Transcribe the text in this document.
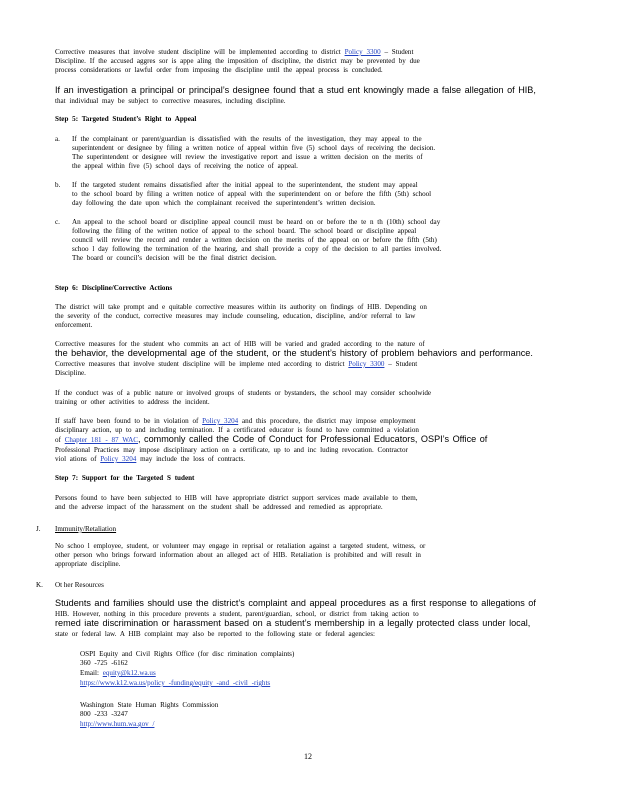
Corrective measures that involve student discipline will be implemented according to district Policy 3300 – Student
Discipline. If the accused aggres sor is appe aling the imposition of discipline, the district may be prevented by due
process considerations or lawful order from imposing the discipline until the appeal process is concluded.
If an investigation a principal or principal’s designee found that a stud ent knowingly made a false allegation of HIB,
that individual may be subject to corrective measures, including discipline.
Step 5: Targeted Student’s Right to Appeal
a. If the complainant or parent/guardian is dissatisfied with the results of the investigation, they may appeal to the
superintendent or designee by filing a written notice of appeal within five (5) school days of receiving the decision.
The superintendent or designee will review the investigative report and issue a written decision on the merits of
the appeal within five (5) school days of receiving the notice of appeal.
b. If the targeted student remains dissatisfied after the initial appeal to the superintendent, the student may appeal
to the school board by filing a written notice of appeal with the superintendent on or before the fifth (5th) school
day following the date upon which the complainant received the superintendent’s written decision.
c. An appeal to the school board or discipline appeal council must be heard on or before the te n th (10th) school day
following the filing of the written notice of appeal to the school board. The school board or discipline appeal
council will review the record and render a written decision on the merits of the appeal on or before the fifth (5th)
schoo l day following the termination of the hearing, and shall provide a copy of the decision to all parties involved.
The board or council’s decision will be the final district decision.
Step 6: Discipline/Corrective Actions
The district will take prompt and e quitable corrective measures within its authority on findings of HIB. Depending on
the severity of the conduct, corrective measures may include counseling, education, discipline, and/or referral to law
enforcement.
Corrective measures for the student who commits an act of HIB will be varied and graded according to the nature of
the behavior, the developmental age of the student, or the student’s history of problem behaviors and performance.
Corrective measures that involve student discipline will be impleme nted according to district Policy 3300 – Student
Discipline.
If the conduct was of a public nature or involved groups of students or bystanders, the school may consider schoolwide
training or other activities to address the incident.
If staff have been found to be in violation of Policy 3204 and this procedure, the district may impose employment
disciplinary action, up to and including termination. If a certificated educator is found to have committed a violation
of Chapter 181 - 87 WAC, commonly called the Code of Conduct for Professional Educators, OSPI’s Office of
Professional Practices may impose disciplinary action on a certificate, up to and inc luding revocation. Contractor
viol ations of Policy 3204 may include the loss of contracts.
Step 7: Support for the Targeted S tudent
Persons found to have been subjected to HIB will have appropriate district support services made available to them,
and the adverse impact of the harassment on the student shall be addressed and remedied as appropriate.
J. Immunity/Retaliation
No schoo l employee, student, or volunteer may engage in reprisal or retaliation against a targeted student, witness, or
other person who brings forward information about an alleged act of HIB. Retaliation is prohibited and will result in
appropriate discipline.
K. Ot her Resources
Students and families should use the district’s complaint and appeal procedures as a first response to allegations of
HIB. However, nothing in this procedure prevents a student, parent/guardian, school, or district from taking action to
remed iate discrimination or harassment based on a student’s membership in a legally protected class under local,
state or federal law. A HIB complaint may also be reported to the following state or federal agencies:
OSPI Equity and Civil Rights Office (for disc rimination complaints)
360 -725 -6162
Email: equity@k12.wa.us
https://www.k12.wa.us/policy -funding/equity -and -civil -rights
Washington State Human Rights Commission
800 -233 -3247
http://www.hum.wa.gov /
12
